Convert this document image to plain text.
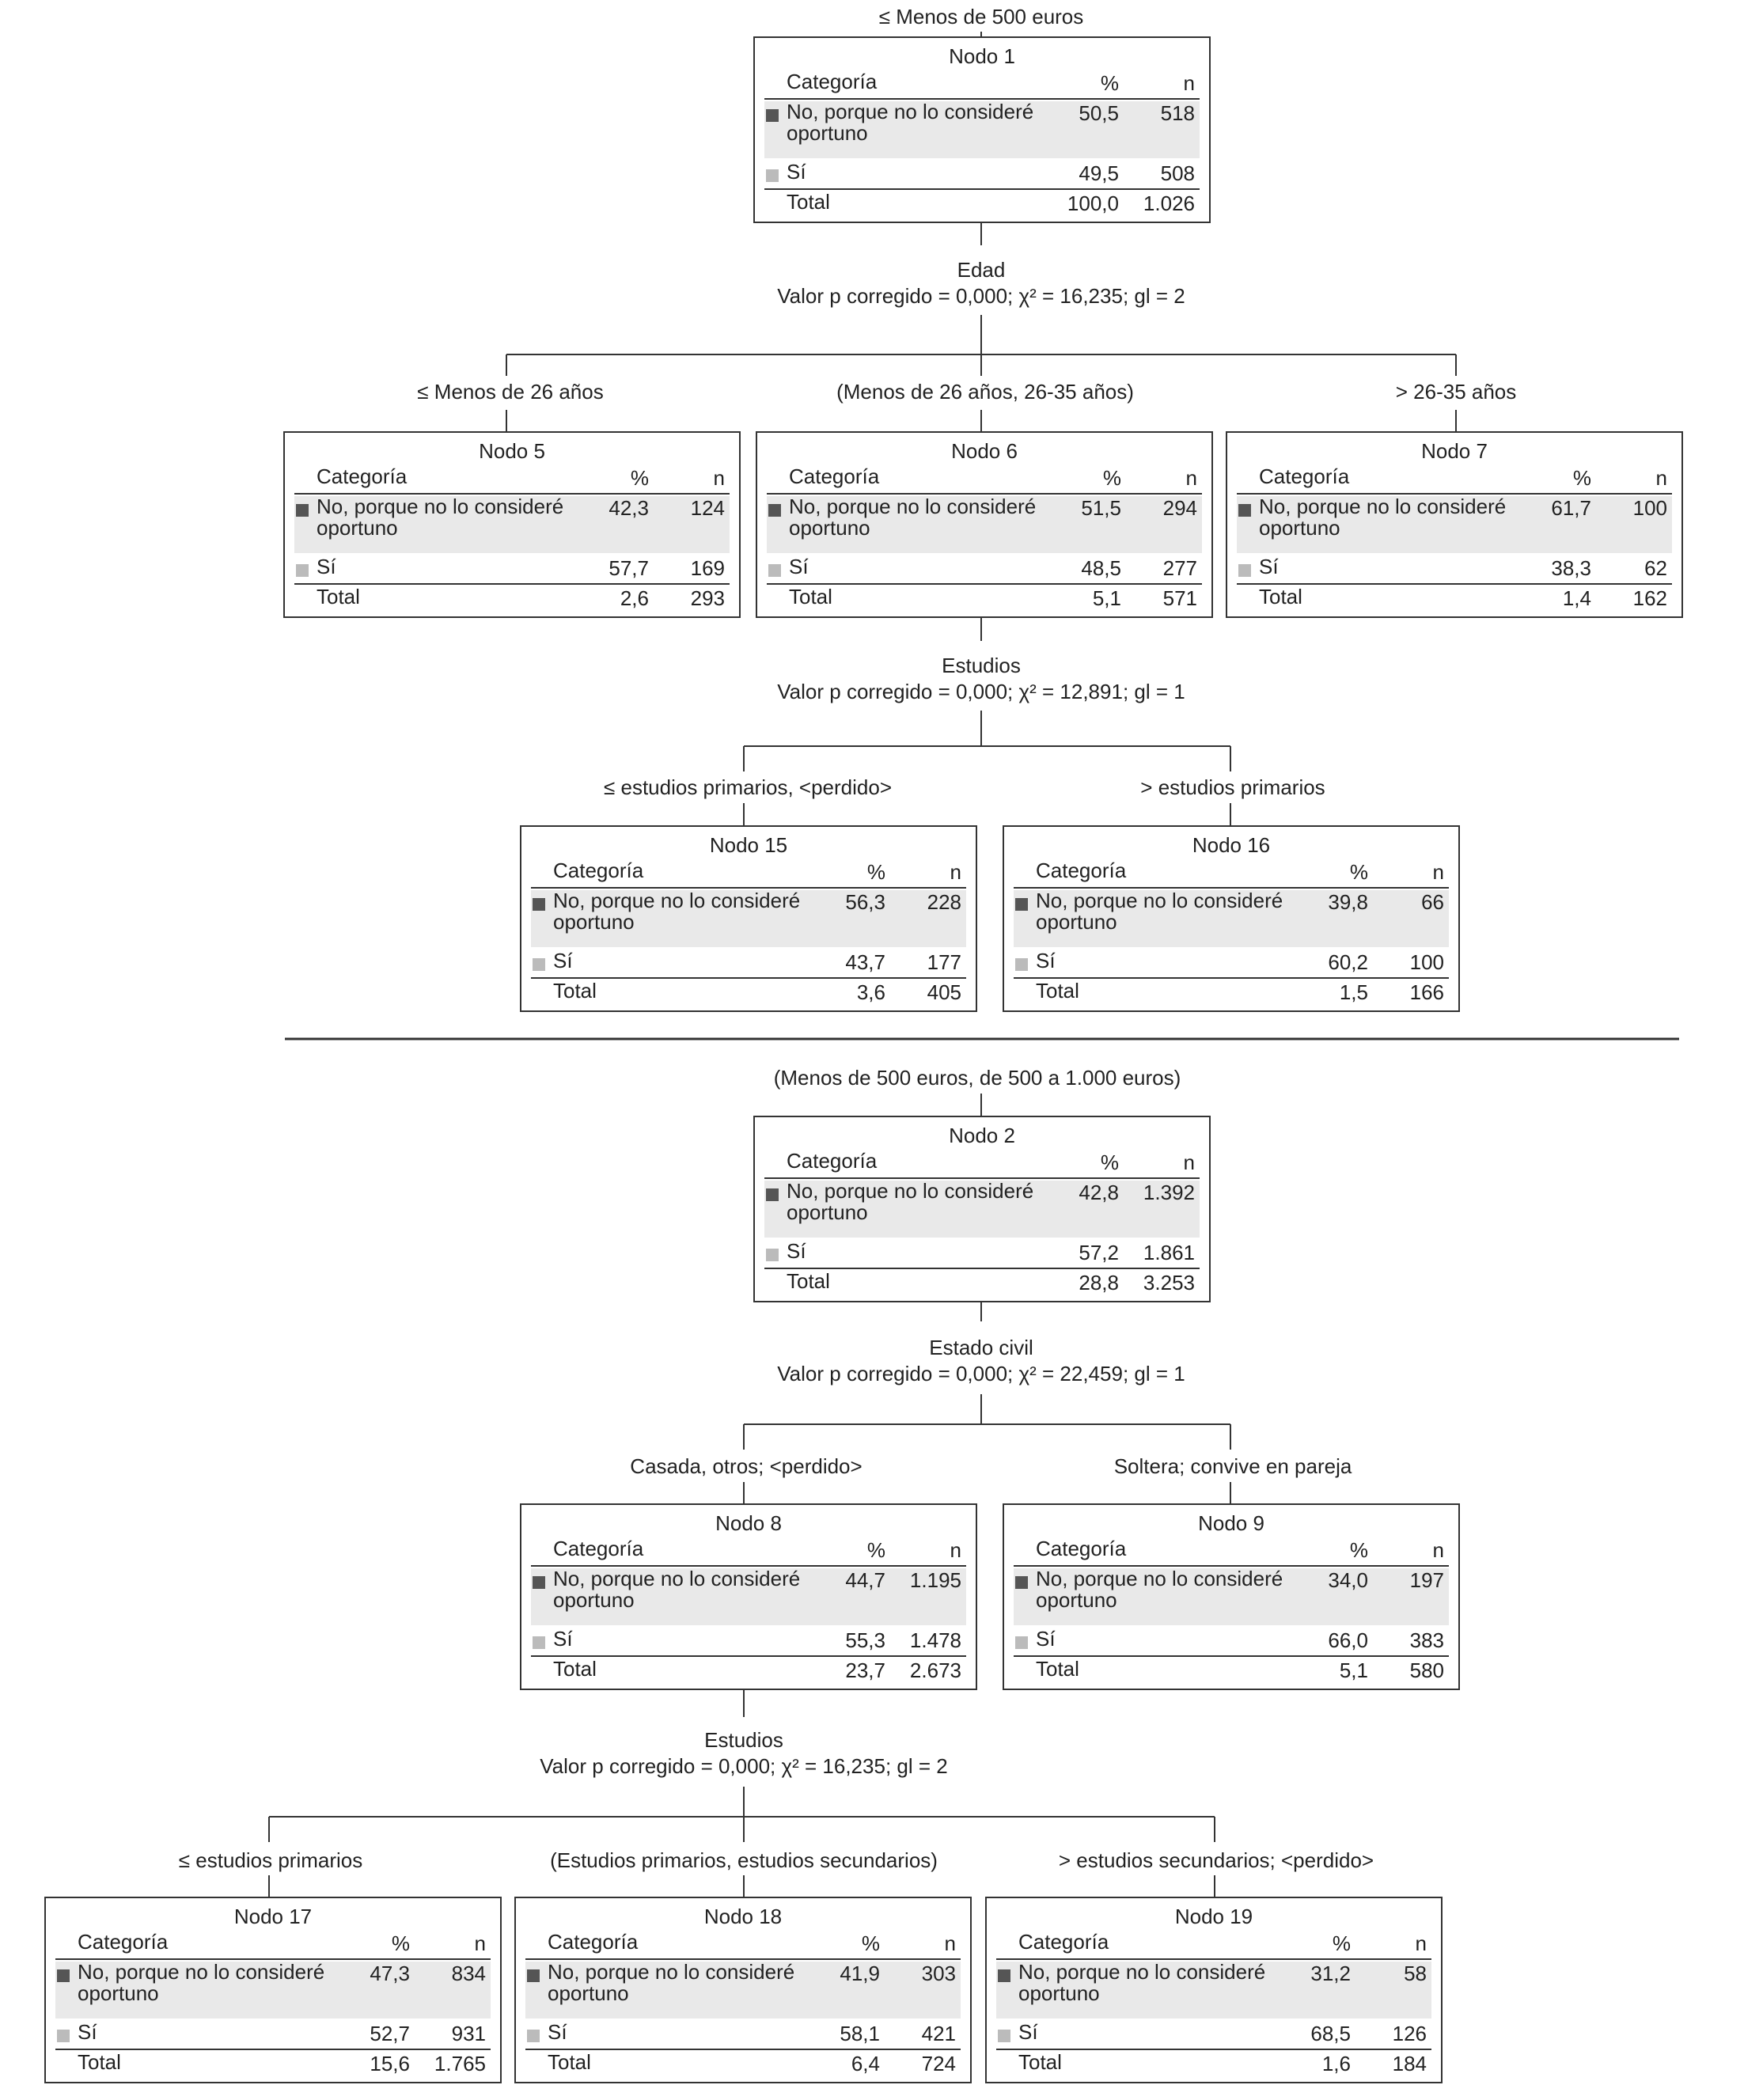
≤ Menos de 500 euros
≤ Menos de 26 años	(Menos de 26 años, 26-35 años)	> 26-35 años
≤ estudios primarios, <perdido>	> estudios primarios
(Menos de 500 euros, de 500 a 1.000 euros)
Casada, otros; <perdido>	Soltera; convive en pareja
≤ estudios primarios	(Estudios primarios, estudios secundarios)	> estudios secundarios; <perdido>
Edad
Valor p corregido = 0,000; χ² = 16,235; gl = 2
Estudios
Valor p corregido = 0,000; χ² = 12,891; gl = 1
Estado civil
Valor p corregido = 0,000; χ² = 22,459; gl = 1
Estudios
Valor p corregido = 0,000; χ² = 16,235; gl = 2
Nodo 1
Categoría	%	n
No, porque no lo consideré oportuno
50,5 518
Sí	49,5 508
Total	100,0 1.026
Nodo 5
Categoría	%	n
No, porque no lo consideré oportuno
42,3 124
Sí	57,7 169
Total	2,6 293
Nodo 6
Categoría	%	n
No, porque no lo consideré oportuno
51,5 294
Sí	48,5 277
Total	5,1 571
Nodo 7
Categoría	%	n
No, porque no lo consideré oportuno
61,7 100
Sí	38,3	62
Total	1,4 162
Nodo 15
Categoría	%	n
No, porque no lo consideré oportuno
56,3 228
Sí	43,7 177
Total	3,6 405
Nodo 16
Categoría	%	n
No, porque no lo consideré oportuno
39,8	66
Sí	60,2 100
Total	1,5 166
Nodo 2
Categoría	%	n
No, porque no lo consideré oportuno
42,8 1.392
Sí	57,2 1.861
Total	28,8 3.253
Nodo 8
Categoría	%	n
No, porque no lo consideré oportuno
44,7 1.195
Sí	55,3 1.478
Total	23,7 2.673
Nodo 9
Categoría	%	n
No, porque no lo consideré oportuno
34,0 197
Sí	66,0 383
Total	5,1 580
Nodo 17
Categoría	%	n
No, porque no lo consideré oportuno
47,3 834
Sí	52,7 931
Total	15,6 1.765
Nodo 18
Categoría	%	n
No, porque no lo consideré oportuno
41,9 303
Sí	58,1 421
Total	6,4 724
Nodo 19
Categoría	%	n
No, porque no lo consideré oportuno
31,2	58
Sí	68,5 126
Total	1,6 184
